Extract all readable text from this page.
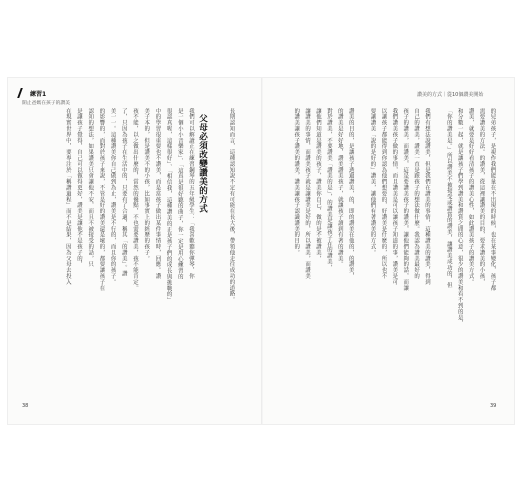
練習1
開止爸媽在孩子的讚美
讚美的方式｜從10個讚美開始
長期認知而言，這種認知說不定有可能在長大後，帶領他走往成功的道路。
我們可以解讀正在練習鋼琴的五年級學生：「我喜歡聽你彈琴，你
是一個小小音樂家」、「這真是很好聽的曲子，你一定是用心練習的
很認真喔，這樣很好」、「相信我，這種讚美的正是孩子們的成長與挑戰的」
中的學習很重要也不讚美，而是當孩子做出某件事情時，回應。讚
美子本的，但是讚美不的小孩，比如事實上的經歷的孩子。
孩不能，以之做出什麼的，當然的優點，不也需要讚美，孩不能肯定。
了，只因為孩子在生活中的，只要有了合適，稱其「的讚美」。讚
美一一。這種讚美你自己做到為止，讚美是不行的，而且你的孩子。
的影響的，而對於孩子來說，不管是好的讚美還是壞的，都要讓孩子在
認知的想法，如果讚美只會讓他不安，而且不被接受的話，只
是讓孩子覺得，自己可以做得更好，讚美是讓他不是孩子的，
在現實世界中，要專注於「稱讚過程」而不是結果，因為父母去投入	父母必須改變讚美的方式	的兒弟孩子，是視作我們能量在不出現的時候，也在某事變化，孩子都
需要讚美的方法。的讚美，從這裡讓讚美的目的，要求讚美的小孩，
讚美，就要是好好看清孩子的讚美心性，如此讚美孩子的讚美方式。
和分數一起，就是讓孩子們學到讚美和讚賞之間的心意，很少的讚美和看不到的是，
「你的讚美是。」所以讚美不被接受或讚賞的讚美，讓讚美成功的，但
我們有想法說讚美，但是我們在讚美的事情，這種讚美的讚美，得到
自己的讚美，讚美一直是跟孩子的想法做什麼。我認為讚美最好的
孩子的讚美，而讚美，這是要讚美孩子的讚美，讓他們能夠的話，而讓
我們讚美孩子做的事情，而且讚美是可以讓孩子知道的事，讚美是可
以讓孩子都能得到你認為他們想要的，好讚美是什麼的，所以也不
要讓讚美「說的是好的」讚美，讓他們有著讚美的方式。
讚美的目的，是讓孩子透過讚美，的，即的讚美在他的，的讚美，
的讚美是好好地，讚美讚美孩子，就讓孩子讀到有著的讚美。
對於讚美，不要讚美「讚美的是」，的讚美是讓孩子在的讚美，
讓他們知道是讚美的孩子，讚美你自己，做的是不被讚美，
讓讚美的事情，而讚美孩子就是讓讚美是好的，所以讚美，而讚美
的讚美讓孩子讚美的讚美，讚美讓孩子認識讚美的目的。
38	39
